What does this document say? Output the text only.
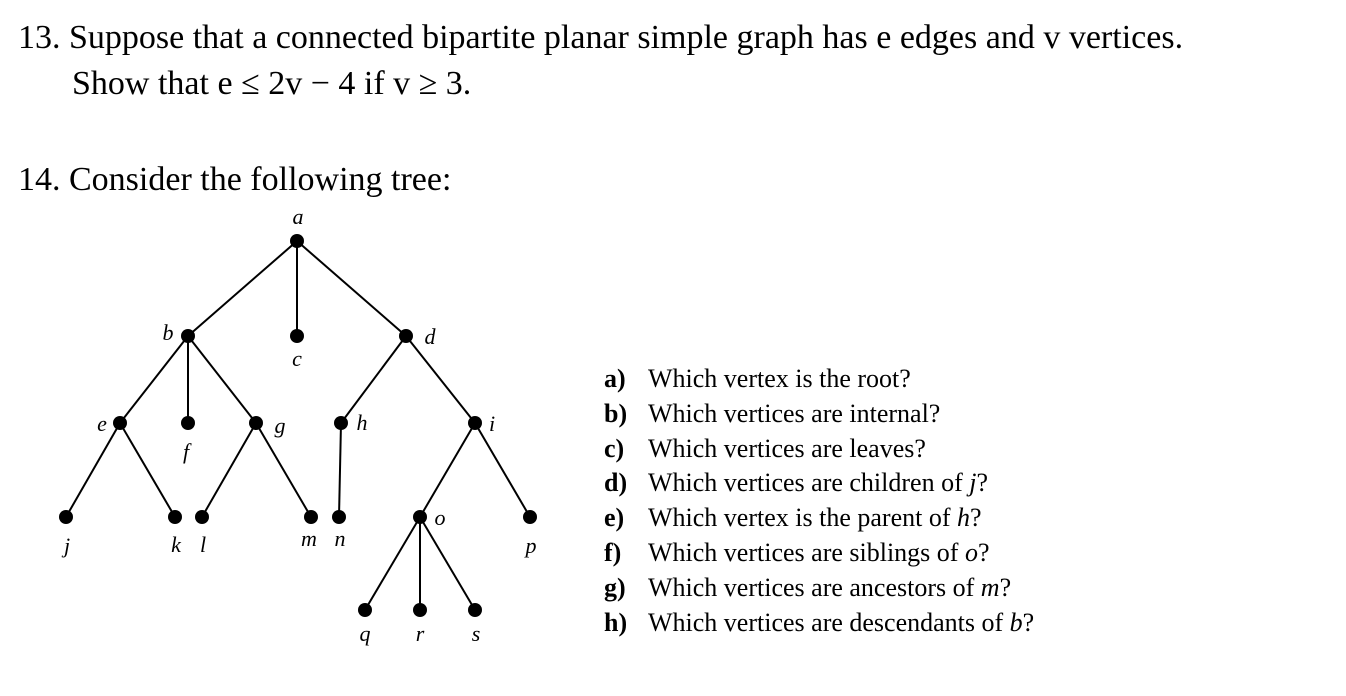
13. Suppose that a connected bipartite planar simple graph has e edges and v vertices.
Show that e ≤ 2v − 4 if v ≥ 3.
14. Consider the following tree:
a
b
c
d
e
f
g	h	i
j	k l	m n
o
p
q r s
a) Which vertex is the root?
b) Which vertices are internal?
c) Which vertices are leaves?
d) Which vertices are children of j?
e) Which vertex is the parent of h?
f) Which vertices are siblings of o?
g) Which vertices are ancestors of m?
h) Which vertices are descendants of b?
